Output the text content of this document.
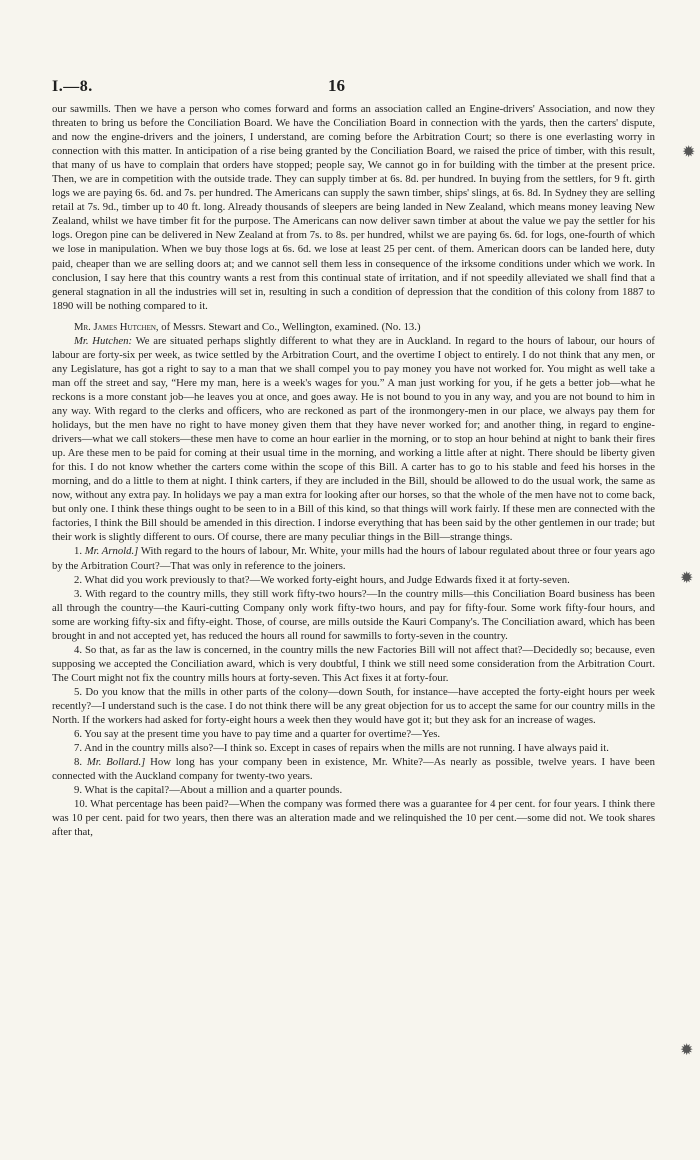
I.—8.	16
✹
✹
✹

our sawmills. Then we have a person who comes forward and forms an association called an Engine-drivers' Association, and now they threaten to bring us before the Conciliation Board. We have the Conciliation Board in connection with the yards, then the carters' dispute, and now the engine-drivers and the joiners, I understand, are coming before the Arbitration Court; so there is one everlasting worry in connection with this matter. In anticipation of a rise being granted by the Conciliation Board, we raised the price of timber, with this result, that many of us have to complain that orders have stopped; people say, We cannot go in for building with the timber at the present price. Then, we are in competition with the outside trade. They can supply timber at 6s. 8d. per hundred. In buying from the settlers, for 9 ft. girth logs we are paying 6s. 6d. and 7s. per hundred. The Americans can supply the sawn timber, ships' slings, at 6s. 8d. In Sydney they are selling retail at 7s. 9d., timber up to 40 ft. long. Already thousands of sleepers are being landed in New Zealand, which means money leaving New Zealand, whilst we have timber fit for the purpose. The Americans can now deliver sawn timber at about the value we pay the settler for his logs. Oregon pine can be delivered in New Zealand at from 7s. to 8s. per hundred, whilst we are paying 6s. 6d. for logs, one-fourth of which we lose in manipulation. When we buy those logs at 6s. 6d. we lose at least 25 per cent. of them. American doors can be landed here, duty paid, cheaper than we are selling doors at; and we cannot sell them less in consequence of the irksome conditions under which we work. In conclusion, I say here that this country wants a rest from this continual state of irritation, and if not speedily alleviated we shall find that a general stagnation in all the industries will set in, resulting in such a condition of depression that the condition of this colony from 1887 to 1890 will be nothing compared to it.

Mr. James Hutchen, of Messrs. Stewart and Co., Wellington, examined. (No. 13.)

Mr. Hutchen: We are situated perhaps slightly different to what they are in Auckland. In regard to the hours of labour, our hours of labour are forty-six per week, as twice settled by the Arbitration Court, and the overtime I object to entirely. I do not think that any men, or any Legislature, has got a right to say to a man that we shall compel you to pay money you have not worked for. You might as well take a man off the street and say, “Here my man, here is a week's wages for you.” A man just working for you, if he gets a better job—what he reckons is a more constant job—he leaves you at once, and goes away. He is not bound to you in any way, and you are not bound to him in any way. With regard to the clerks and officers, who are reckoned as part of the ironmongery-men in our place, we always pay them for holidays, but the men have no right to have money given them that they have never worked for; and another thing, in regard to engine-drivers—what we call stokers—these men have to come an hour earlier in the morning, or to stop an hour behind at night to bank their fires up. Are these men to be paid for coming at their usual time in the morning, and working a little after at night. There should be liberty given for this. I do not know whether the carters come within the scope of this Bill. A carter has to go to his stable and feed his horses in the morning, and do a little to them at night. I think carters, if they are included in the Bill, should be allowed to do the usual work, the same as now, without any extra pay. In holidays we pay a man extra for looking after our horses, so that the whole of the men have not to come back, but only one. I think these things ought to be seen to in a Bill of this kind, so that things will work fairly. If these men are connected with the factories, I think the Bill should be amended in this direction. I indorse everything that has been said by the other gentlemen in our trade; but their work is slightly different to ours. Of course, there are many peculiar things in the Bill—strange things.

1. Mr. Arnold.] With regard to the hours of labour, Mr. White, your mills had the hours of labour regulated about three or four years ago by the Arbitration Court?—That was only in reference to the joiners.

2. What did you work previously to that?—We worked forty-eight hours, and Judge Edwards fixed it at forty-seven.

3. With regard to the country mills, they still work fifty-two hours?—In the country mills—this Conciliation Board business has been all through the country—the Kauri-cutting Company only work fifty-two hours, and pay for fifty-four. Some work fifty-four hours, and some are working fifty-six and fifty-eight. Those, of course, are mills outside the Kauri Company's. The Conciliation award, which has been brought in and not accepted yet, has reduced the hours all round for sawmills to forty-seven in the country.

4. So that, as far as the law is concerned, in the country mills the new Factories Bill will not affect that?—Decidedly so; because, even supposing we accepted the Conciliation award, which is very doubtful, I think we still need some consideration from the Arbitration Court. The Court might not fix the country mills hours at forty-seven. This Act fixes it at forty-four.

5. Do you know that the mills in other parts of the colony—down South, for instance—have accepted the forty-eight hours per week recently?—I understand such is the case. I do not think there will be any great objection for us to accept the same for our country mills in the North. If the workers had asked for forty-eight hours a week then they would have got it; but they ask for an increase of wages.

6. You say at the present time you have to pay time and a quarter for overtime?—Yes.

7. And in the country mills also?—I think so. Except in cases of repairs when the mills are not running. I have always paid it.

8. Mr. Bollard.] How long has your company been in existence, Mr. White?—As nearly as possible, twelve years. I have been connected with the Auckland company for twenty-two years.

9. What is the capital?—About a million and a quarter pounds.

10. What percentage has been paid?—When the company was formed there was a guarantee for 4 per cent. for four years. I think there was 10 per cent. paid for two years, then there was an alteration made and we relinquished the 10 per cent.—some did not. We took shares after that,
